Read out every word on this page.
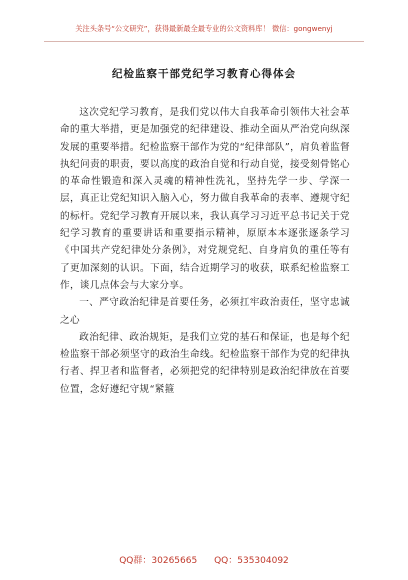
关注头条号“公文研究”，获得最新最全最专业的公文资料库！ 微信：gongwenyj
纪检监察干部党纪学习教育心得体会

这次党纪学习教育，是我们党以伟大自我革命引领伟大社会革命的重大举措，更是加强党的纪律建设、推动全面从严治党向纵深发展的重要举措。纪检监察干部作为党的“纪律部队”，肩负着监督执纪问责的职责，要以高度的政治自觉和行动自觉，接受刻骨铭心的革命性锻造和深入灵魂的精神性洗礼，坚持先学一步、学深一层，真正让党纪知识入脑入心，努力做自我革命的表率、遵规守纪的标杆。党纪学习教育开展以来，我认真学习习近平总书记关于党纪学习教育的重要讲话和重要指示精神，原原本本逐张逐条学习《中国共产党纪律处分条例》，对党规党纪、自身肩负的重任等有了更加深刻的认识。下面，结合近期学习的收获，联系纪检监察工作，谈几点体会与大家分享。

一、严守政治纪律是首要任务，必须扛牢政治责任，坚守忠诚之心

政治纪律、政治规矩，是我们立党的基石和保证，也是每个纪检监察干部必须坚守的政治生命线。纪检监察干部作为党的纪律执行者、捍卫者和监督者，必须把党的纪律特别是政治纪律放在首要位置，念好遵纪守规“紧箍

QQ群：30265665 QQ：535304092
